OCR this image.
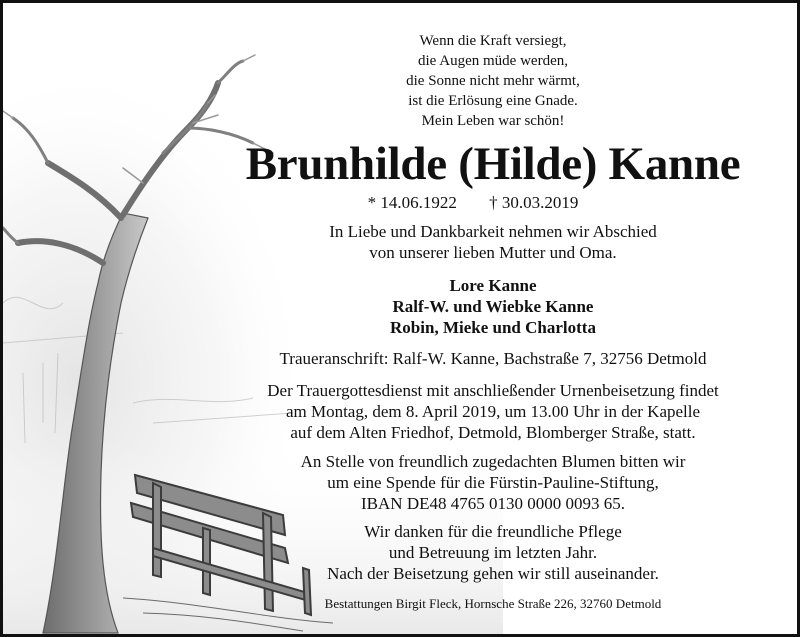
Wenn die Kraft versiegt,
die Augen müde werden,
die Sonne nicht mehr wärmt,
ist die Erlösung eine Gnade.
Mein Leben war schön!
Brunhilde (Hilde) Kanne
* 14.06.1922 † 30.03.2019
In Liebe und Dankbarkeit nehmen wir Abschied
von unserer lieben Mutter und Oma.
Lore Kanne
Ralf-W. und Wiebke Kanne
Robin, Mieke und Charlotta
Traueranschrift: Ralf-W. Kanne, Bachstraße 7, 32756 Detmold
Der Trauergottesdienst mit anschließender Urnenbeisetzung findet
am Montag, dem 8. April 2019, um 13.00 Uhr in der Kapelle
auf dem Alten Friedhof, Detmold, Blomberger Straße, statt.
An Stelle von freundlich zugedachten Blumen bitten wir
um eine Spende für die Fürstin-Pauline-Stiftung,
IBAN DE48 4765 0130 0000 0093 65.
Wir danken für die freundliche Pflege
und Betreuung im letzten Jahr.
Nach der Beisetzung gehen wir still auseinander.
Bestattungen Birgit Fleck, Hornsche Straße 226, 32760 Detmold
